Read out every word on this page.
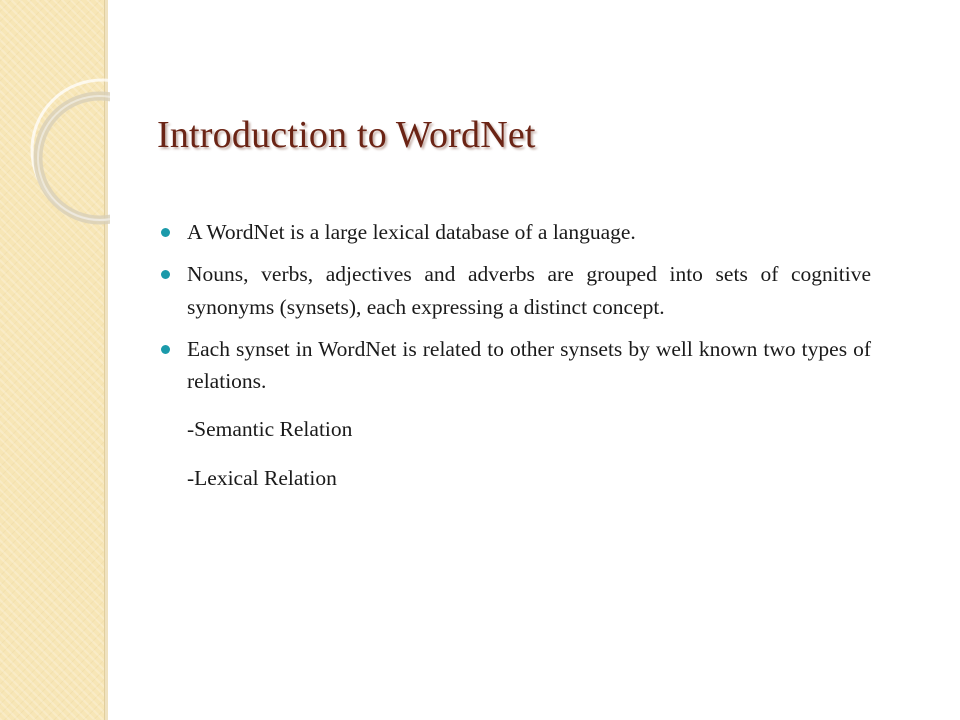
Introduction to WordNet
A WordNet is a large lexical database of a language.
Nouns, verbs, adjectives and adverbs are grouped into sets of cognitive synonyms (synsets), each expressing a distinct concept.
Each synset in WordNet is related to other synsets by well known two types of relations.
-Semantic Relation
-Lexical Relation
